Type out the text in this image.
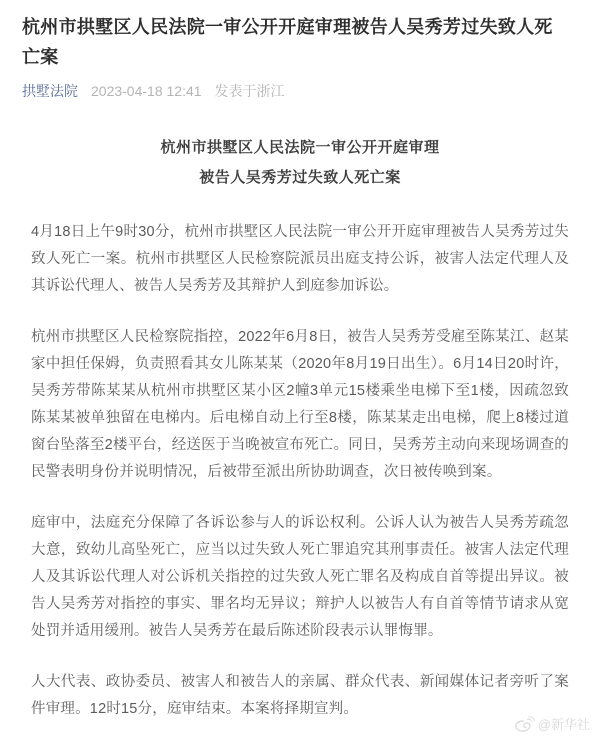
杭州市拱墅区人民法院一审公开开庭审理被告人吴秀芳过失致人死亡案
拱墅法院 2023-04-18 12:41 发表于浙江
杭州市拱墅区人民法院一审公开开庭审理
被告人吴秀芳过失致人死亡案

4月18日上午9时30分，杭州市拱墅区人民法院一审公开开庭审理被告人吴秀芳过失致人死亡一案。杭州市拱墅区人民检察院派员出庭支持公诉，被害人法定代理人及其诉讼代理人、被告人吴秀芳及其辩护人到庭参加诉讼。

杭州市拱墅区人民检察院指控，2022年6月8日，被告人吴秀芳受雇至陈某江、赵某家中担任保姆，负责照看其女儿陈某某（2020年8月19日出生）。6月14日20时许，吴秀芳带陈某某从杭州市拱墅区某小区2幢3单元15楼乘坐电梯下至1楼，因疏忽致陈某某被单独留在电梯内。后电梯自动上行至8楼，陈某某走出电梯，爬上8楼过道窗台坠落至2楼平台，经送医于当晚被宣布死亡。同日，吴秀芳主动向来现场调查的民警表明身份并说明情况，后被带至派出所协助调查，次日被传唤到案。

庭审中，法庭充分保障了各诉讼参与人的诉讼权利。公诉人认为被告人吴秀芳疏忽大意，致幼儿高坠死亡，应当以过失致人死亡罪追究其刑事责任。被害人法定代理人及其诉讼代理人对公诉机关指控的过失致人死亡罪名及构成自首等提出异议。被告人吴秀芳对指控的事实、罪名均无异议；辩护人以被告人有自首等情节请求从宽处罚并适用缓刑。被告人吴秀芳在最后陈述阶段表示认罪悔罪。

人大代表、政协委员、被害人和被告人的亲属、群众代表、新闻媒体记者旁听了案件审理。12时15分，庭审结束。本案将择期宣判。

@新华社
